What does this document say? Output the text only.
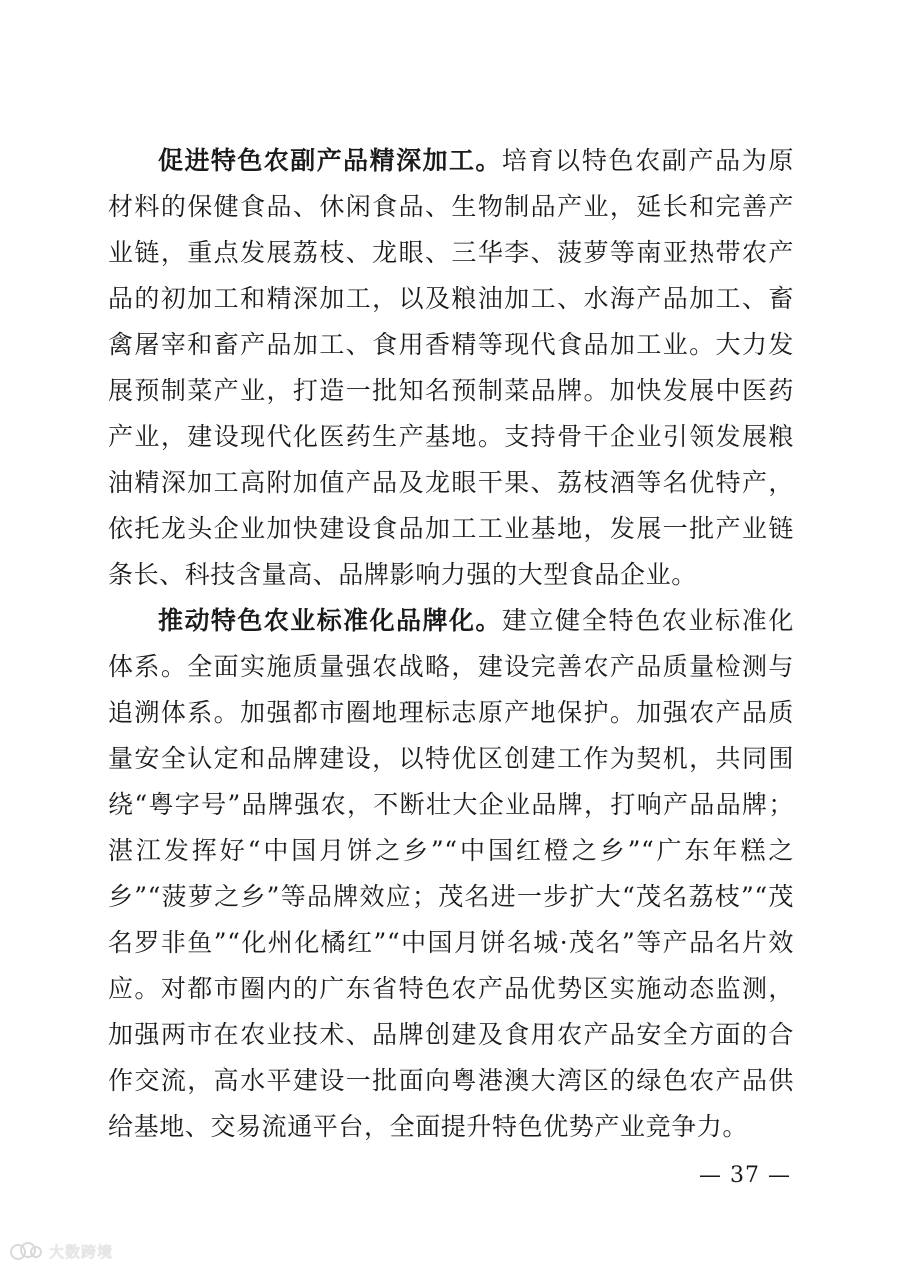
促进特色农副产品精深加工。培育以特色农副产品为原材料的保健食品、休闲食品、生物制品产业，延长和完善产业链，重点发展荔枝、龙眼、三华李、菠萝等南亚热带农产品的初加工和精深加工，以及粮油加工、水海产品加工、畜禽屠宰和畜产品加工、食用香精等现代食品加工业。大力发展预制菜产业，打造一批知名预制菜品牌。加快发展中医药产业，建设现代化医药生产基地。支持骨干企业引领发展粮油精深加工高附加值产品及龙眼干果、荔枝酒等名优特产，依托龙头企业加快建设食品加工工业基地，发展一批产业链条长、科技含量高、品牌影响力强的大型食品企业。

推动特色农业标准化品牌化。建立健全特色农业标准化体系。全面实施质量强农战略，建设完善农产品质量检测与追溯体系。加强都市圈地理标志原产地保护。加强农产品质量安全认定和品牌建设，以特优区创建工作为契机，共同围绕“粤字号”品牌强农，不断壮大企业品牌，打响产品品牌；湛江发挥好“中国月饼之乡”“中国红橙之乡”“广东年糕之乡”“菠萝之乡”等品牌效应；茂名进一步扩大“茂名荔枝”“茂名罗非鱼”“化州化橘红”“中国月饼名城·茂名”等产品名片效应。对都市圈内的广东省特色农产品优势区实施动态监测，加强两市在农业技术、品牌创建及食用农产品安全方面的合作交流，高水平建设一批面向粤港澳大湾区的绿色农产品供给基地、交易流通平台，全面提升特色优势产业竞争力。

— 37 —
大数跨境
